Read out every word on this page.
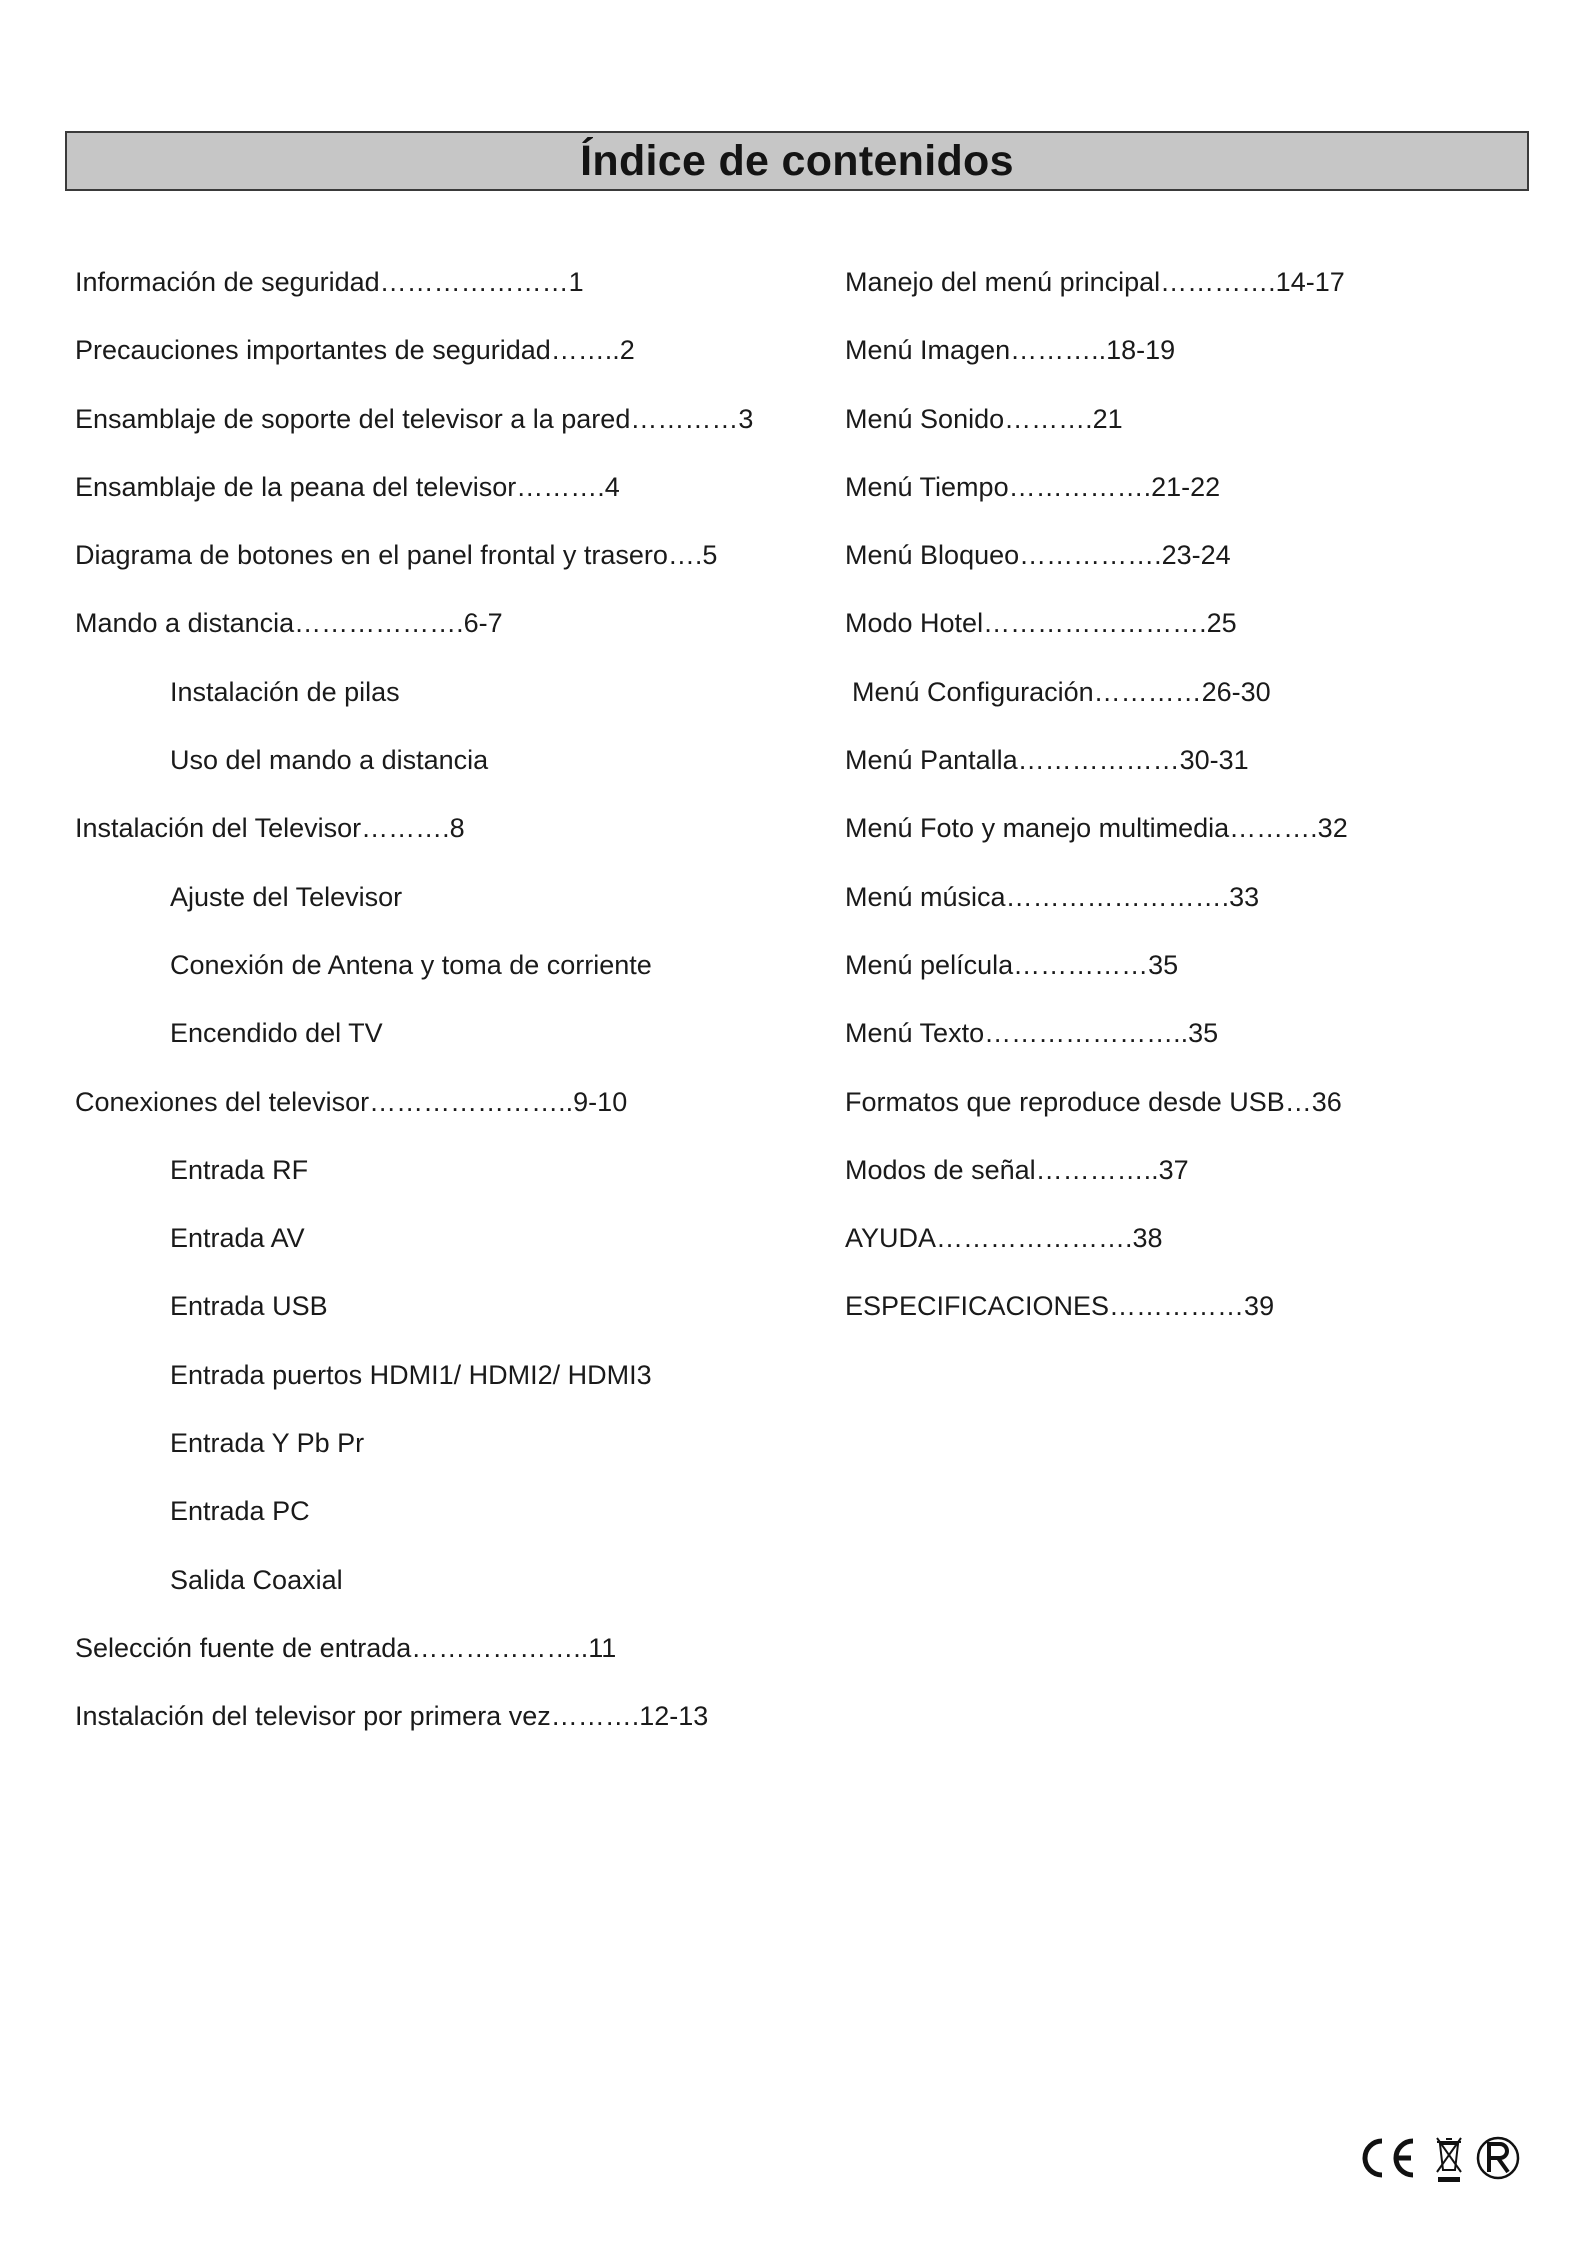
Índice de contenidos
Información de seguridad…………………1
Precauciones importantes de seguridad……..2
Ensamblaje de soporte del televisor a la pared…………3
Ensamblaje de la peana del televisor……….4
Diagrama de botones en el panel frontal y trasero….5
Mando a distancia……………….6-7
Instalación de pilas
Uso del mando a distancia
Instalación del Televisor……….8
Ajuste del Televisor
Conexión de Antena y toma de corriente
Encendido del TV
Conexiones del televisor…………………..9-10
Entrada RF
Entrada AV
Entrada USB
Entrada puertos HDMI1/ HDMI2/ HDMI3
Entrada Y Pb Pr
Entrada PC
Salida Coaxial
Selección fuente de entrada………………..11
Instalación del televisor por primera vez……….12-13
Manejo del menú principal………….14-17
Menú Imagen………..18-19
Menú Sonido……….21
Menú Tiempo…………….21-22
Menú Bloqueo…………….23-24
Modo Hotel…………………….25
Menú Configuración…………26-30
Menú Pantalla………………30-31
Menú Foto y manejo multimedia……….32
Menú música…………………….33
Menú película……………35
Menú Texto…………………..35
Formatos que reproduce desde USB…36
Modos de señal…………..37
AYUDA………………….38
ESPECIFICACIONES……………39
